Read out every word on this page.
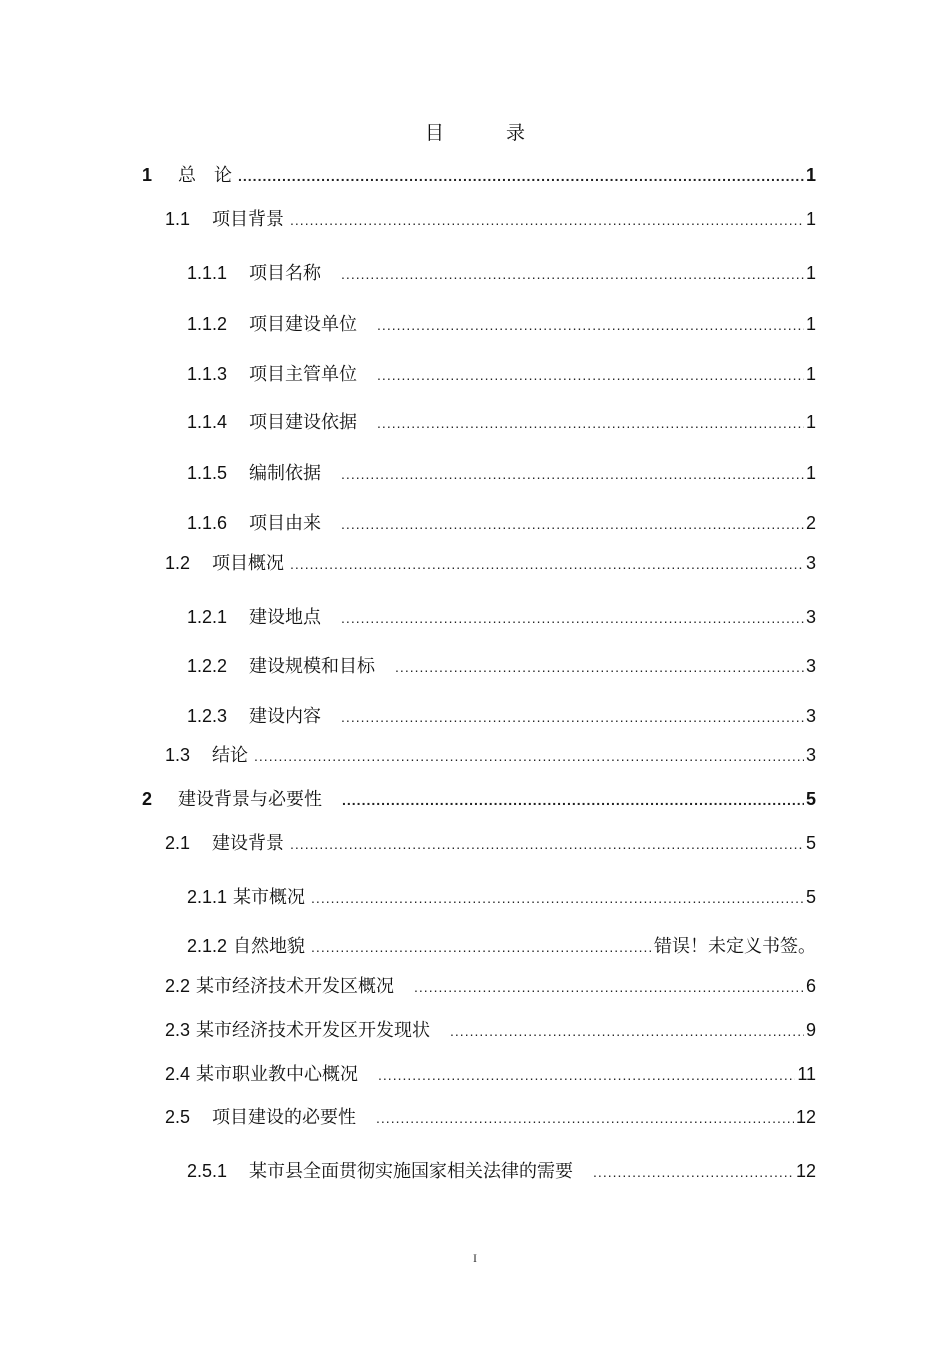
目 录
1 总　论 .....	1
1.1 项目背景 .....	1
1.1.1 项目名称 .....	1
1.1.2 项目建设单位 .....	1
1.1.3 项目主管单位 .....	1
1.1.4 项目建设依据 .....	1
1.1.5 编制依据 .....	1
1.1.6 项目由来 .....	2
1.2 项目概况 .....	3
1.2.1 建设地点 .....	3
1.2.2 建设规模和目标 .....	3
1.2.3 建设内容 .....	3
1.3 结论 .....	3
2 建设背景与必要性 .....	5
2.1 建设背景 .....	5
2.1.1 某市概况 .....	5
2.1.2 自然地貌 .....	错误！未定义书签。
2.2 某市经济技术开发区概况 .....	6
2.3 某市经济技术开发区开发现状 .....	9
2.4 某市职业教中心概况 .....	11
2.5 项目建设的必要性 .....	12
2.5.1 某市县全面贯彻实施国家相关法律的需要 .....	12
I
